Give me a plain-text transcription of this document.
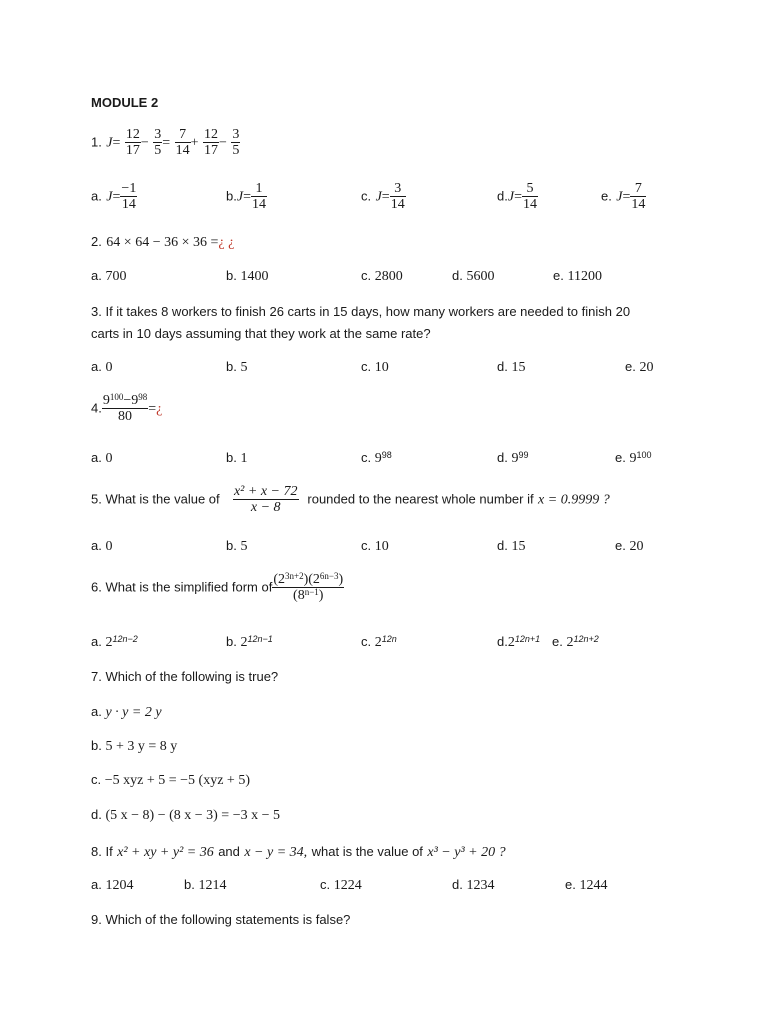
MODULE 2
1. $J= \frac{12}{17} - \frac{3}{5} = \frac{7}{14} + \frac{12}{17} - \frac{3}{5}$
a. $J= \frac{-1}{14}$	$b.J= \frac{1}{14}$	c. $J= \frac{3}{14}$	$d.J= \frac{5}{14}$	e. $J= \frac{7}{14}$
2. 64 × 64 − 36 × 36 =¿ ¿
a. 700	b. 1400	c. 2800	d. 5600	e. 11200
3. If it takes 8 workers to finish 26 carts in 15 days, how many workers are needed to finish 20
carts in 10 days assuming that they work at the same rate?
a. 0	b. 5	c. 10	d. 15	e. 20
4. $\frac{9^{100}-9^{98}}{80}$ =¿
a. 0	b. 1	c. $9^{98}$	d. $9^{99}$	e. $9^{100}$
5. What is the value of $\frac{\text{x² + x − 72}}{x - 8}$ rounded to the nearest whole number if x = 0.9999 ?
a. 0	b. 5	c. 10	d. 15	e. 20
6. What is the simplified form of $\frac{(2^{3n+2})(2^{6n-3})}{(8^{n-1})}$
a. $2^{12n-2}$	b. $2^{12n-1}$	c. $2^{12n}$	$d.2^{12n+1}$ e. $2^{12n+2}$
7. Which of the following is true?
a. y · y = 2 y
b. 5 + 3 y = 8 y
c. −5 xyz + 5 = −5 (xyz + 5)
d. (5 x − 8) − (8 x − 3) = −3 x − 5
8. If x² + xy + y² = 36 and x − y = 34, what is the value of x³ − y³ + 20 ?
a. 1204	b. 1214	c. 1224	d. 1234	e. 1244
9. Which of the following statements is false?
